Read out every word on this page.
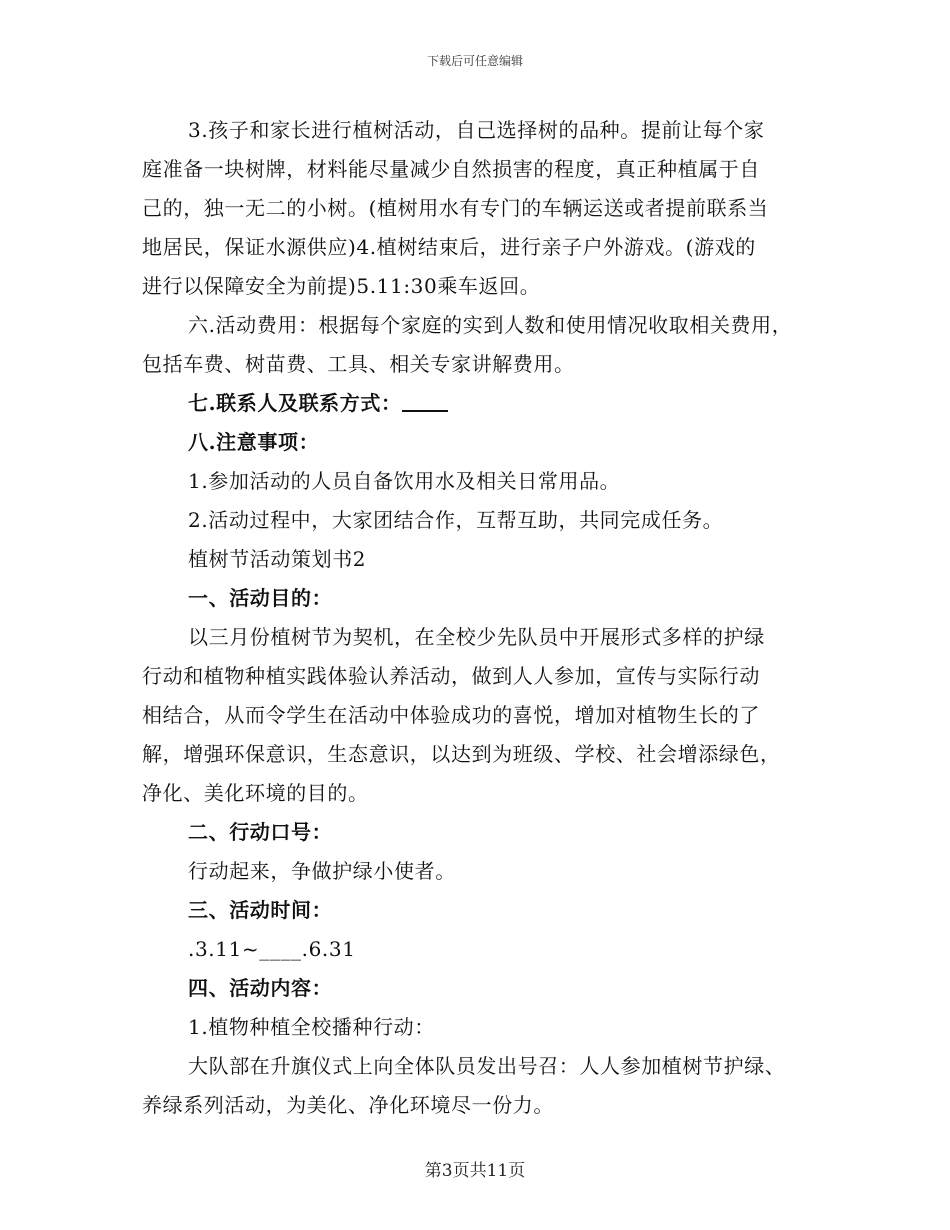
下载后可任意编辑
3.孩子和家长进行植树活动，自己选择树的品种。提前让每个家
庭准备一块树牌，材料能尽量减少自然损害的程度，真正种植属于自
己的，独一无二的小树。(植树用水有专门的车辆运送或者提前联系当
地居民，保证水源供应)4.植树结束后，进行亲子户外游戏。(游戏的
进行以保障安全为前提)5.11:30乘车返回。
六.活动费用：根据每个家庭的实到人数和使用情况收取相关费用，
包括车费、树苗费、工具、相关专家讲解费用。
七.联系人及联系方式：
八.注意事项：
1.参加活动的人员自备饮用水及相关日常用品。
2.活动过程中，大家团结合作，互帮互助，共同完成任务。
植树节活动策划书2
一、活动目的：
以三月份植树节为契机，在全校少先队员中开展形式多样的护绿
行动和植物种植实践体验认养活动，做到人人参加，宣传与实际行动
相结合，从而令学生在活动中体验成功的喜悦，增加对植物生长的了
解，增强环保意识，生态意识，以达到为班级、学校、社会增添绿色，
净化、美化环境的目的。
二、行动口号：
行动起来，争做护绿小使者。
三、活动时间：
.3.11~____.6.31
四、活动内容：
1.植物种植全校播种行动：
大队部在升旗仪式上向全体队员发出号召：人人参加植树节护绿、
养绿系列活动，为美化、净化环境尽一份力。
第3页共11页
